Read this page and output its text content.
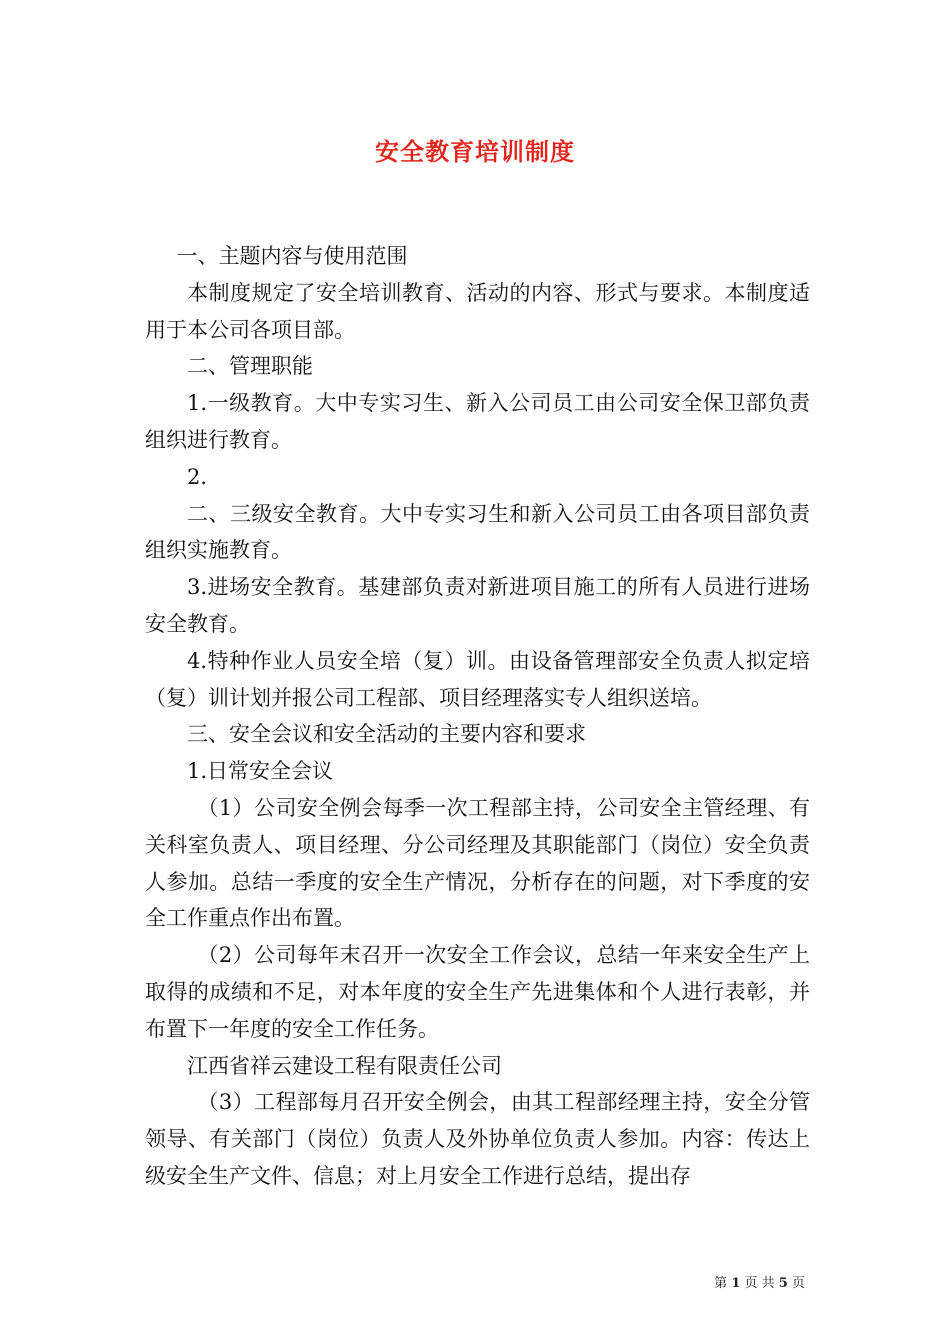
安全教育培训制度

一、主题内容与使用范围

本制度规定了安全培训教育、活动的内容、形式与要求。本制度适用于本公司各项目部。

二、管理职能

1.一级教育。大中专实习生、新入公司员工由公司安全保卫部负责组织进行教育。

2.

二、三级安全教育。大中专实习生和新入公司员工由各项目部负责组织实施教育。

3.进场安全教育。基建部负责对新进项目施工的所有人员进行进场安全教育。

4.特种作业人员安全培（复）训。由设备管理部安全负责人拟定培（复）训计划并报公司工程部、项目经理落实专人组织送培。

三、安全会议和安全活动的主要内容和要求

1.日常安全会议

（1）公司安全例会每季一次工程部主持，公司安全主管经理、有关科室负责人、项目经理、分公司经理及其职能部门（岗位）安全负责人参加。总结一季度的安全生产情况，分析存在的问题，对下季度的安全工作重点作出布置。

（2）公司每年末召开一次安全工作会议，总结一年来安全生产上取得的成绩和不足，对本年度的安全生产先进集体和个人进行表彰，并布置下一年度的安全工作任务。

江西省祥云建设工程有限责任公司

（3）工程部每月召开安全例会，由其工程部经理主持，安全分管领导、有关部门（岗位）负责人及外协单位负责人参加。内容：传达上级安全生产文件、信息；对上月安全工作进行总结，提出存

第 1 页 共 5 页
